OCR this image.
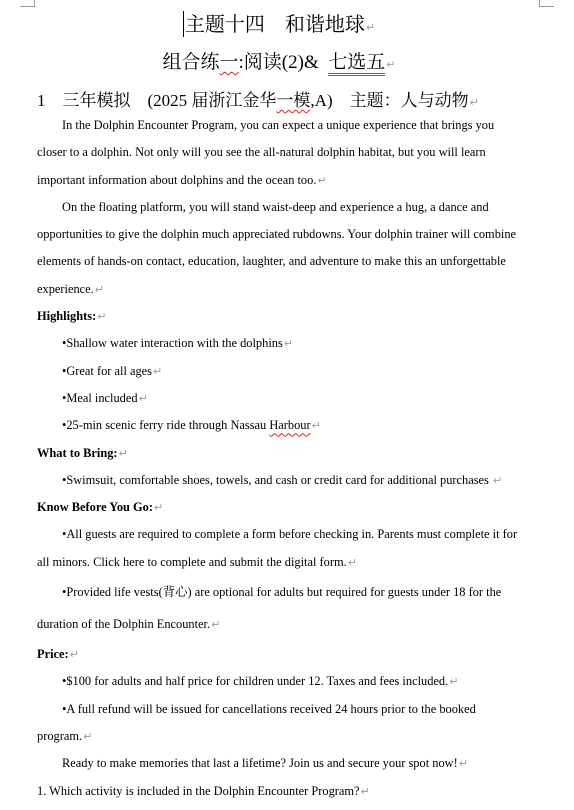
主题十四　和谐地球↵
组合练一:阅读(2)& 七选五↵
1　三年模拟　(2025 届浙江金华一模,A)　主题：人与动物↵

In the Dolphin Encounter Program, you can expect a unique experience that brings you closer to a dolphin. Not only will you see the all-natural dolphin habitat, but you will learn important information about dolphins and the ocean too.↵

On the floating platform, you will stand waist-deep and experience a hug, a dance and opportunities to give the dolphin much appreciated rubdowns. Your dolphin trainer will combine elements of hands-on contact, education, laughter, and adventure to make this an unforgettable experience.↵

Highlights:↵

•Shallow water interaction with the dolphins↵

•Great for all ages↵

•Meal included↵

•25-min scenic ferry ride through Nassau Harbour↵

What to Bring:↵

•Swimsuit, comfortable shoes, towels, and cash or credit card for additional purchases ↵

Know Before You Go:↵

•All guests are required to complete a form before checking in. Parents must complete it for all minors. Click here to complete and submit the digital form.↵

•Provided life vests(背心) are optional for adults but required for guests under 18 for the duration of the Dolphin Encounter.↵

Price:↵

•$100 for adults and half price for children under 12. Taxes and fees included.↵

•A full refund will be issued for cancellations received 24 hours prior to the booked program.↵

Ready to make memories that last a lifetime? Join us and secure your spot now!↵

1. Which activity is included in the Dolphin Encounter Program?↵
